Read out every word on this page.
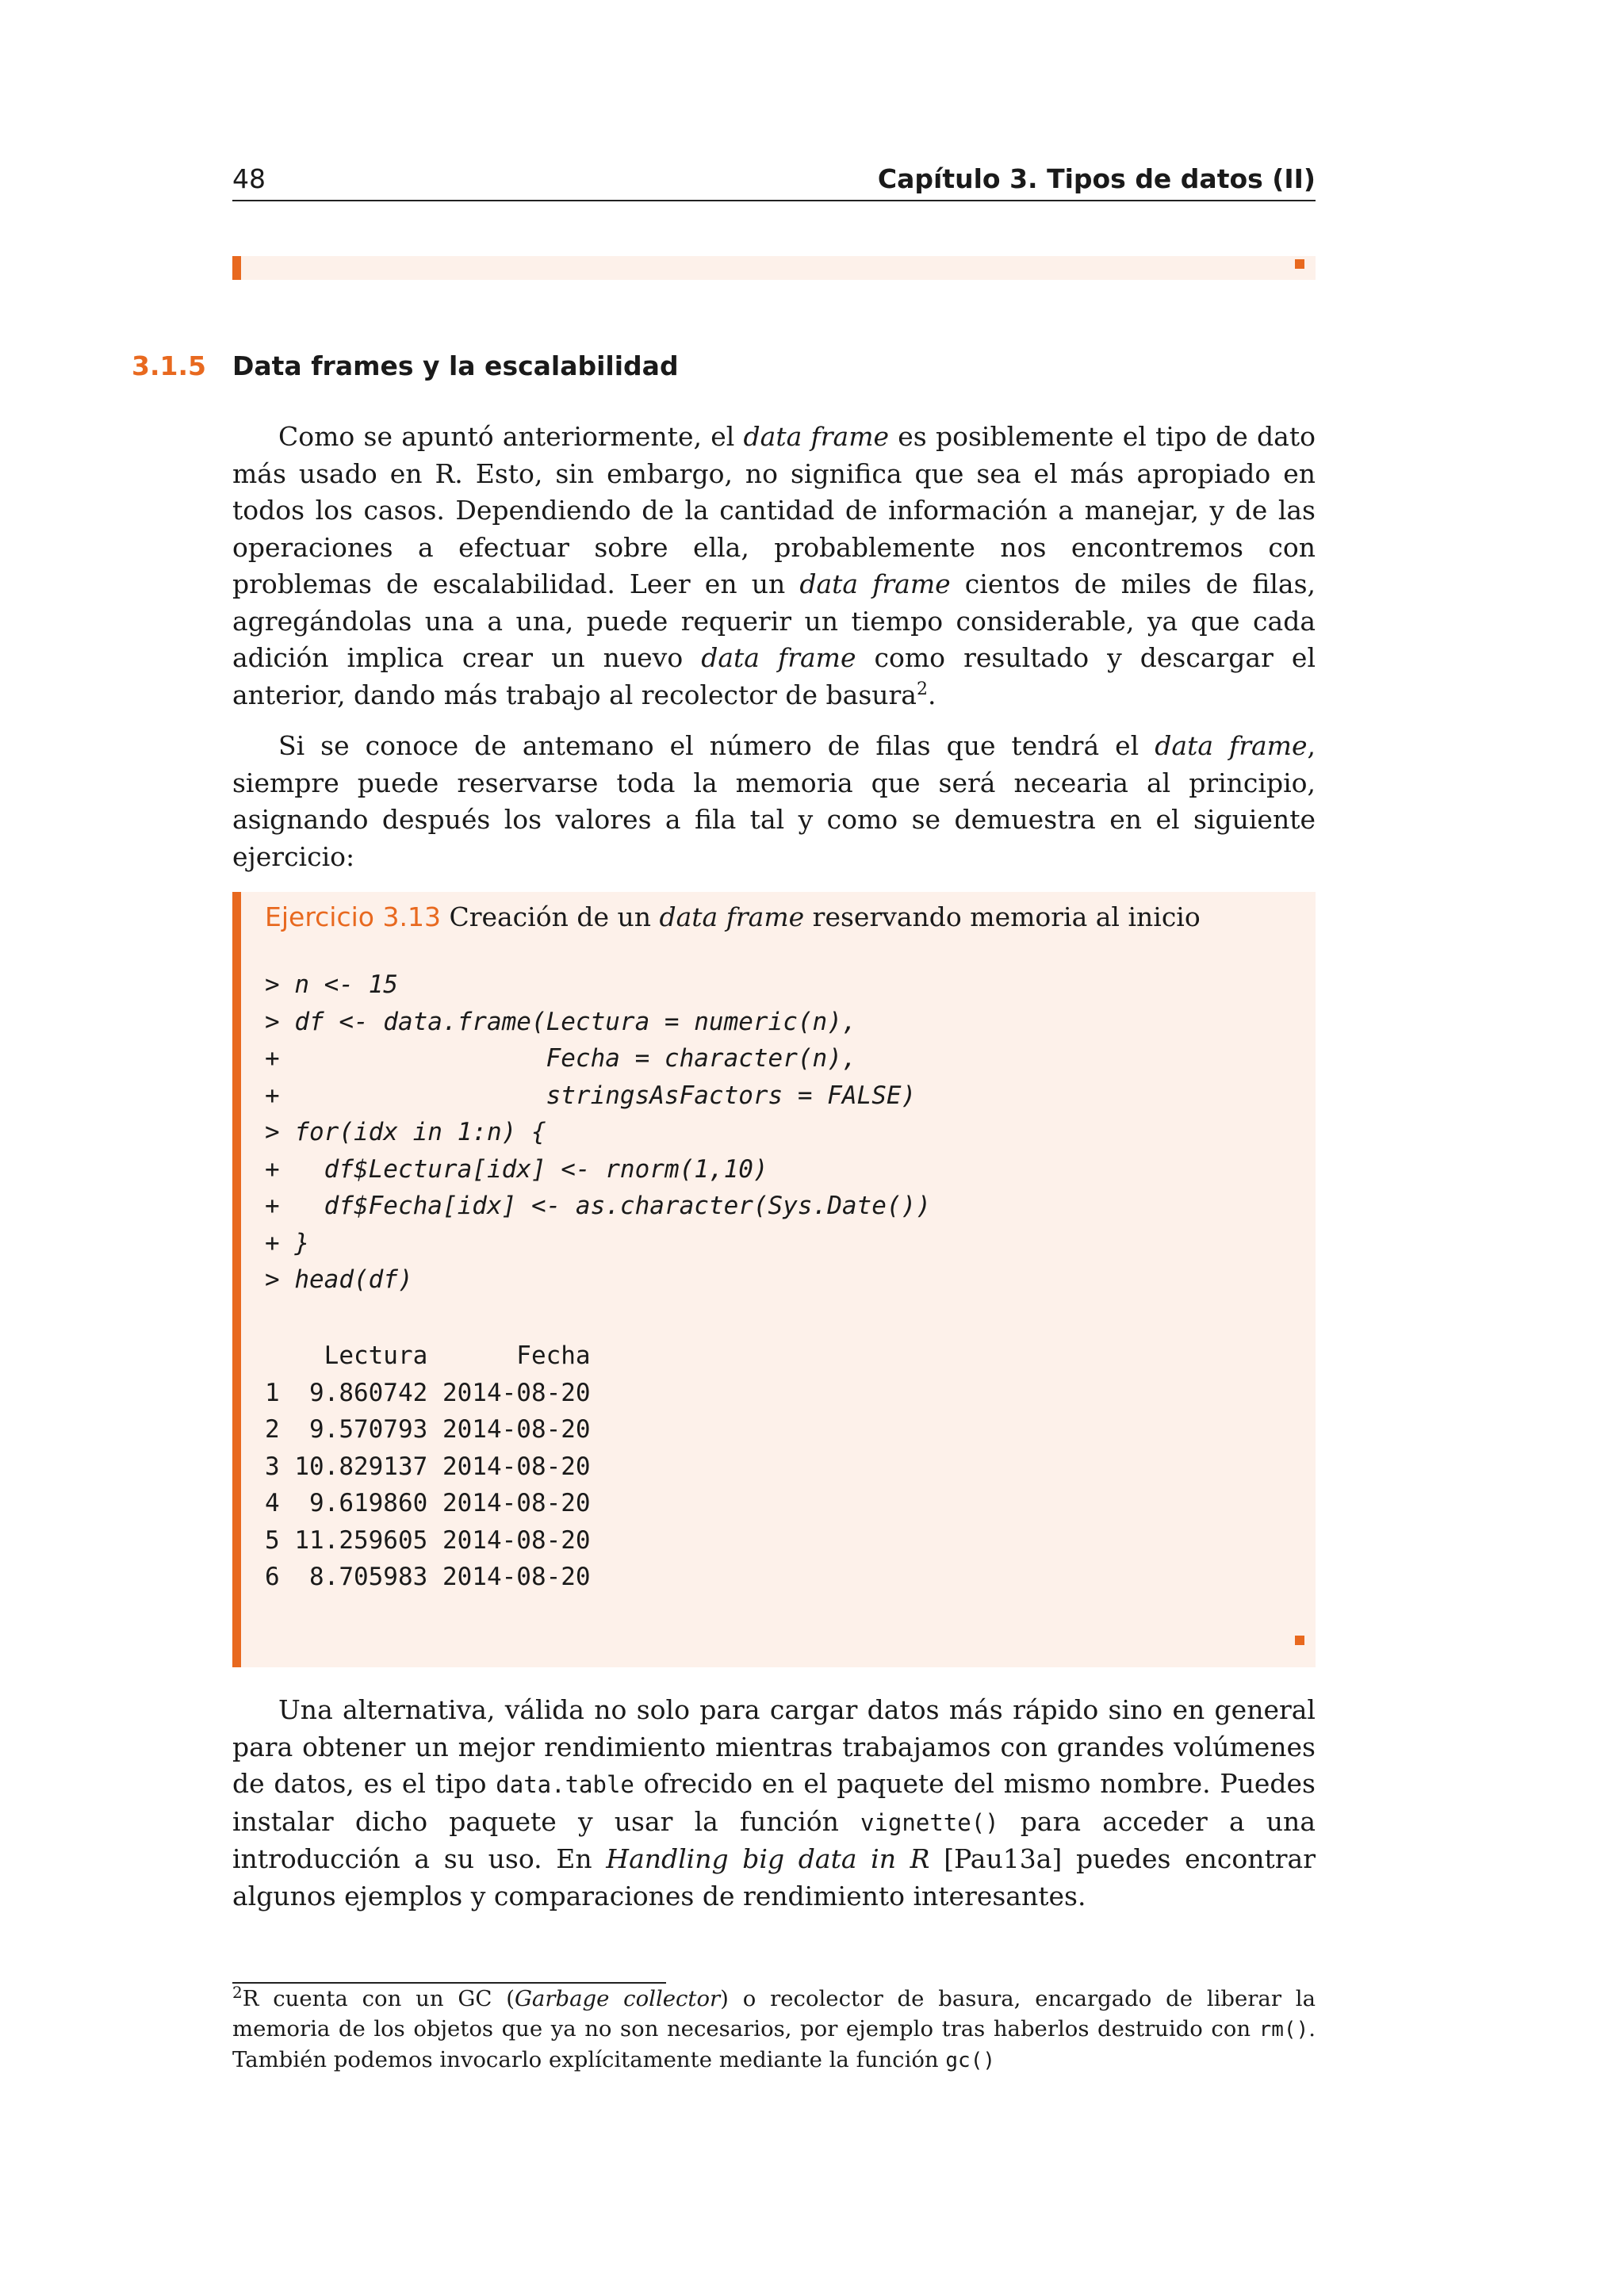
48	Capítulo 3. Tipos de datos (II)
3.1.5 Data frames y la escalabilidad

Como se apuntó anteriormente, el data frame es posiblemente el tipo de dato más usado en R. Esto, sin embargo, no significa que sea el más apropiado en todos los casos. Dependiendo de la cantidad de información a manejar, y de las operaciones a efectuar sobre ella, probablemente nos encontremos con problemas de escalabilidad. Leer en un data frame cientos de miles de filas, agregándolas una a una, puede requerir un tiempo considerable, ya que cada adición implica crear un nuevo data frame como resultado y descargar el anterior, dando más trabajo al recolector de basura$^2$.

Si se conoce de antemano el número de filas que tendrá el data frame, siempre puede reservarse toda la memoria que será necearia al principio, asignando después los valores a fila tal y como se demuestra en el siguiente ejercicio:

Ejercicio 3.13 Creación de un data frame reservando memoria al inicio
> n <- 15
> df <- data.frame(Lectura = numeric(n),
+                  Fecha = character(n),
+                  stringsAsFactors = FALSE)
> for(idx in 1:n) {
+   df$Lectura[idx] <- rnorm(1,10)
+   df$Fecha[idx] <- as.character(Sys.Date())
+ }
> head(df)
Lectura      Fecha
1  9.860742 2014-08-20
2  9.570793 2014-08-20
3 10.829137 2014-08-20
4  9.619860 2014-08-20
5 11.259605 2014-08-20
6  8.705983 2014-08-20

Una alternativa, válida no solo para cargar datos más rápido sino en general para obtener un mejor rendimiento mientras trabajamos con grandes volúmenes de datos, es el tipo data.table ofrecido en el paquete del mismo nombre. Puedes instalar dicho paquete y usar la función vignette() para acceder a una introducción a su uso. En Handling big data in R [Pau13a] puedes encontrar algunos ejemplos y comparaciones de rendimiento interesantes.

$^2$R cuenta con un GC (Garbage collector) o recolector de basura, encargado de liberar la memoria de los objetos que ya no son necesarios, por ejemplo tras haberlos destruido con rm(). También podemos invocarlo explícitamente mediante la función gc()
